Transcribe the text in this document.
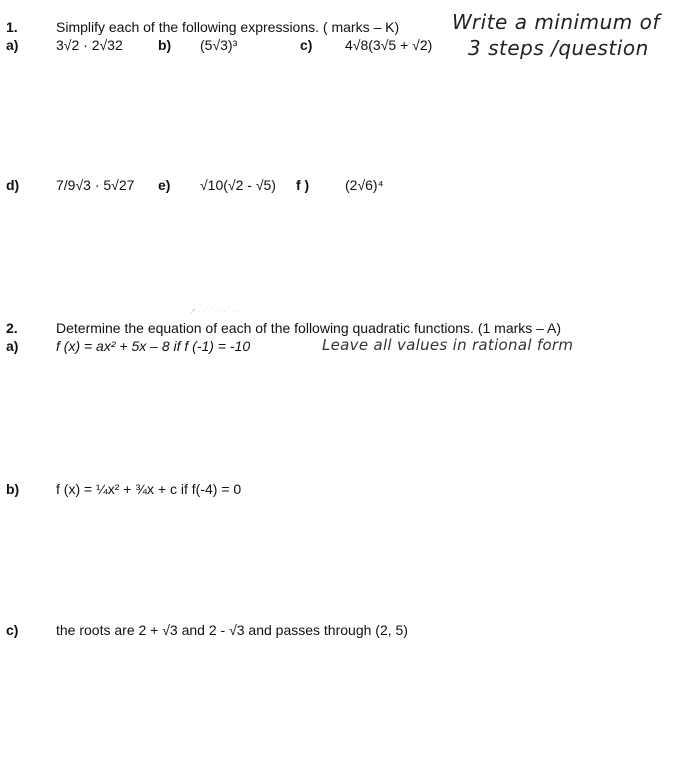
1.	Simplify each of the following expressions. ( marks – K)	Write a minimum of
3 steps /question
a)	3√2 · 2√32	b) (5√3)³	c) 4√8(3√5 + √2)
d)	7/9√3 · 5√27 e) √10(√2 - √5) f )	(2√6)⁴
➚ · · ˙ ˙ · · · ˙ · ·
2.	Determine the equation of each of the following quadratic functions. (1 marks – A)
a)	f (x) = ax² + 5x – 8 if f (-1) = -10	Leave all values in rational form
b)	f (x) = ¼x² + ¾x + c if f(-4) = 0
c)	the roots are 2 + √3 and 2 - √3 and passes through (2, 5)
